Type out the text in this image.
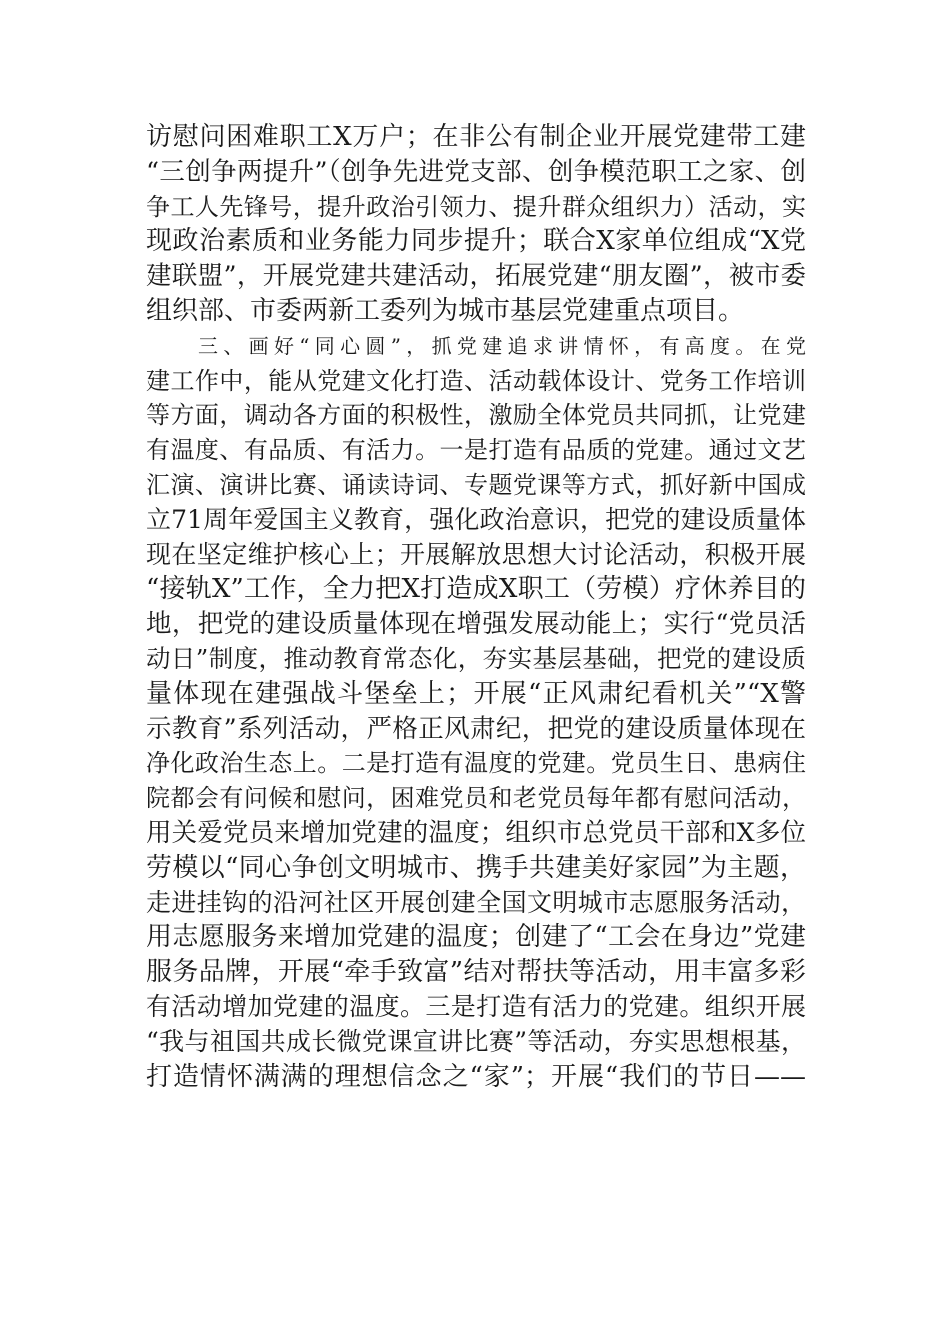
访慰问困难职工X万户；在非公有制企业开展党建带工建
“三创争两提升”（创争先进党支部、创争模范职工之家、创
争工人先锋号，提升政治引领力、提升群众组织力）活动，实
现政治素质和业务能力同步提升；联合X家单位组成“X党
建联盟”，开展党建共建活动，拓展党建“朋友圈”，被市委
组织部、市委两新工委列为城市基层党建重点项目。
三、画好“同心圆”，抓党建追求讲情怀，有高度。在党
建工作中，能从党建文化打造、活动载体设计、党务工作培训
等方面，调动各方面的积极性，激励全体党员共同抓，让党建
有温度、有品质、有活力。一是打造有品质的党建。通过文艺
汇演、演讲比赛、诵读诗词、专题党课等方式，抓好新中国成
立71周年爱国主义教育，强化政治意识，把党的建设质量体
现在坚定维护核心上；开展解放思想大讨论活动，积极开展
“接轨X”工作，全力把X打造成X职工（劳模）疗休养目的
地，把党的建设质量体现在增强发展动能上；实行“党员活
动日”制度，推动教育常态化，夯实基层基础，把党的建设质
量体现在建强战斗堡垒上；开展“正风肃纪看机关”“X警
示教育”系列活动，严格正风肃纪，把党的建设质量体现在
净化政治生态上。二是打造有温度的党建。党员生日、患病住
院都会有问候和慰问，困难党员和老党员每年都有慰问活动，
用关爱党员来增加党建的温度；组织市总党员干部和X多位
劳模以“同心争创文明城市、携手共建美好家园”为主题，
走进挂钩的沿河社区开展创建全国文明城市志愿服务活动，
用志愿服务来增加党建的温度；创建了“工会在身边”党建
服务品牌，开展“牵手致富”结对帮扶等活动，用丰富多彩
有活动增加党建的温度。三是打造有活力的党建。组织开展
“我与祖国共成长微党课宣讲比赛”等活动，夯实思想根基，
打造情怀满满的理想信念之“家”；开展“我们的节日——
